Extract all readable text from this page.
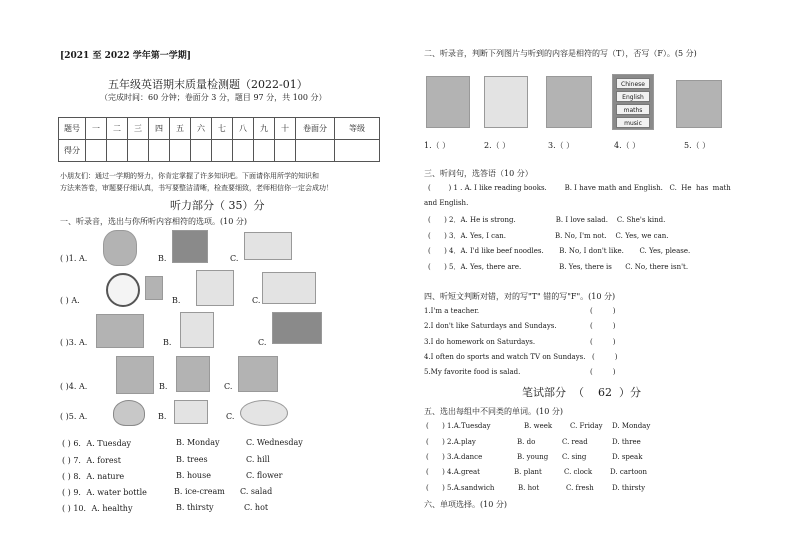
[2021 至 2022 学年第一学期]
五年级英语期末质量检测题（2022-01）
（完成时间：60 分钟；卷面分 3 分，题目 97 分，共 100 分）
题号	一	二	三	四	五	六	七	八	九	十	卷面分	等级
得分												
小朋友们：通过一学期的努力，你肯定掌握了许多知识吧。下面请你用所学的知识和
方法来答卷，审题要仔细认真，书写要整洁清晰，检查要细致，老师相信你一定会成功！
听力部分（ 35）分
一、听录音，选出与你所听内容相符的选项。(10 分)
( )1. A.	B.	C.
( ) A.	B.	C.
( )3. A.	B.	C.
( )4. A.	B.	C.
( )5. A.	B.	C.
( ) 6．A. Tuesday	B. Monday	C. Wednesday
( ) 7．A. forest	B. trees	C. hill
( ) 8．A. nature	B. house	C. flower
( ) 9．A. water bottle	B. ice-cream C. salad
( ) 10．A. healthy	B. thirsty	C. hot
二、听录音，判断下列图片与听到的内容是相符的写（T），否写（F）。(5 分)
Chinese
English
maths
music
1.（ ）	2.（ ）	3.（ ）	4.（ ）	5.（ ）
三、听问句，选答语（10 分）
(        ) 1 . A. I like reading books.        B. I have math and English.   C.  He  has  math
and English.
(      ) 2．A. He is strong.                  B. I love salad.    C. She's kind.
(      ) 3．A. Yes, I can.                      B. No, I'm not.    C. Yes, we can.
(      ) 4．A. I'd like beef noodles.       B. No, I don't like.       C. Yes, please.
(      ) 5．A. Yes, there are.                 B. Yes, there is      C. No, there isn't.
四、听短文判断对错，对的写"T" 错的写"F"。(10 分)
1.I'm a teacher.	(         )
2.I don't like Saturdays and Sundays.	(         )
3.I do homework on Saturdays.	(         )
4.I often do sports and watch TV on Sundays. (         )
5.My favorite food is salad.	(         )
笔试部分  （    62  ）分
五、选出每组中不同类的单词。(10 分)
(      ) 1.A.Tuesday	B. week	C. Friday D. Monday
(      ) 2.A.play	B. do	C. read	D. three
(      ) 3.A.dance	B. young C. sing	D. speak
(      ) 4.A.great	B. plant	C. clock	D. cartoon
(      ) 5.A.sandwich	B. hot	C. fresh	D. thirsty
六、单项选择。(10 分)
